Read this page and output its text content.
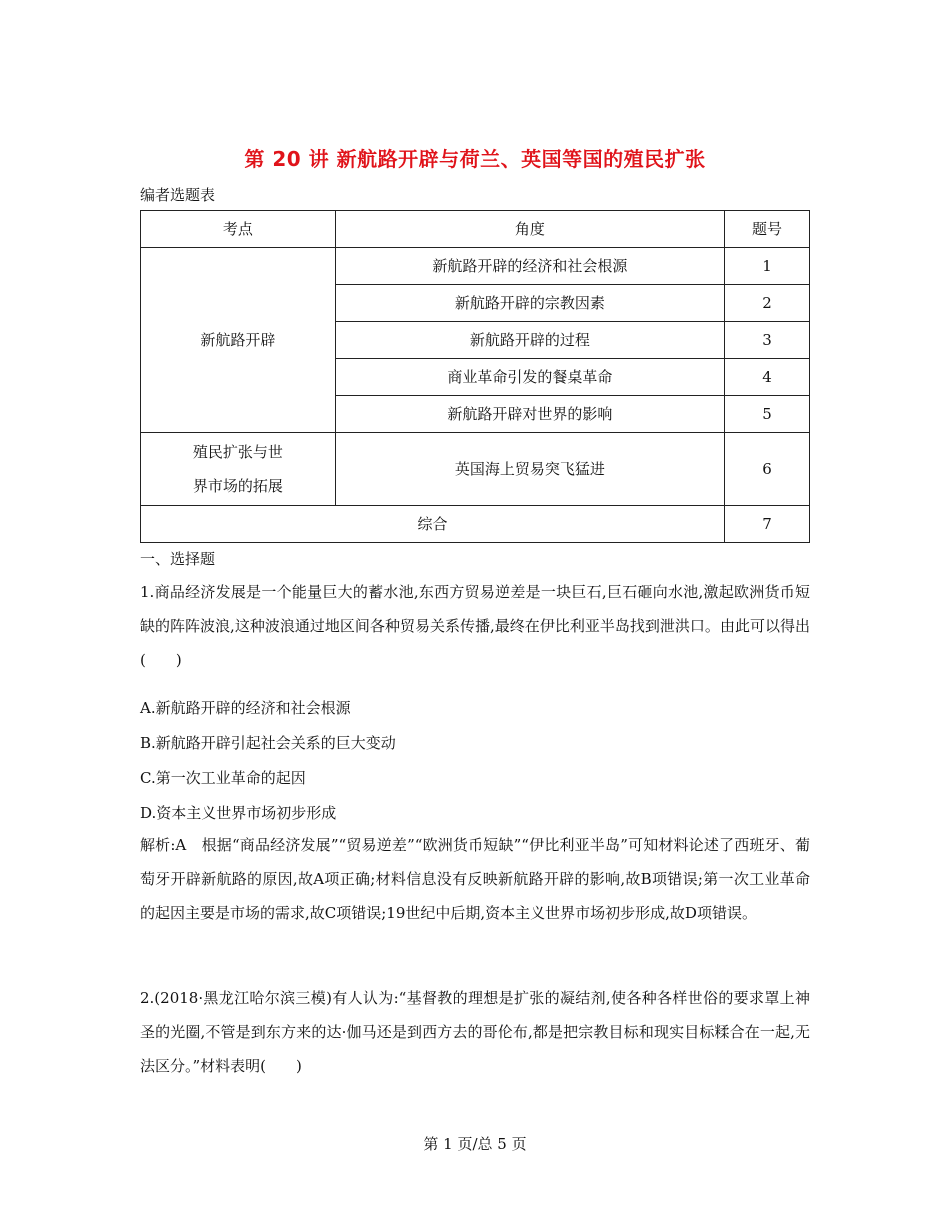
第 20 讲 新航路开辟与荷兰、英国等国的殖民扩张
编者选题表
考点	角度	题号
新航路开辟	新航路开辟的经济和社会根源	1
	新航路开辟的宗教因素	2
	新航路开辟的过程	3
	商业革命引发的餐桌革命	4
	新航路开辟对世界的影响	5

殖民扩张与世
界市场的拓展	英国海上贸易突飞猛进	6
综合		7
一、选择题
1.商品经济发展是一个能量巨大的蓄水池,东西方贸易逆差是一块巨石,巨石砸向水池,激起欧洲货币短缺的阵阵波浪,这种波浪通过地区间各种贸易关系传播,最终在伊比利亚半岛找到泄洪口。由此可以得出(　　)
A.新航路开辟的经济和社会根源
B.新航路开辟引起社会关系的巨大变动
C.第一次工业革命的起因
D.资本主义世界市场初步形成
解析:A　根据“商品经济发展”“贸易逆差”“欧洲货币短缺”“伊比利亚半岛”可知材料论述了西班牙、葡萄牙开辟新航路的原因,故A项正确;材料信息没有反映新航路开辟的影响,故B项错误;第一次工业革命的起因主要是市场的需求,故C项错误;19世纪中后期,资本主义世界市场初步形成,故D项错误。
2.(2018·黑龙江哈尔滨三模)有人认为:“基督教的理想是扩张的凝结剂,使各种各样世俗的要求罩上神圣的光圈,不管是到东方来的达·伽马还是到西方去的哥伦布,都是把宗教目标和现实目标糅合在一起,无法区分。”材料表明(　　)
第 1 页/总 5 页
